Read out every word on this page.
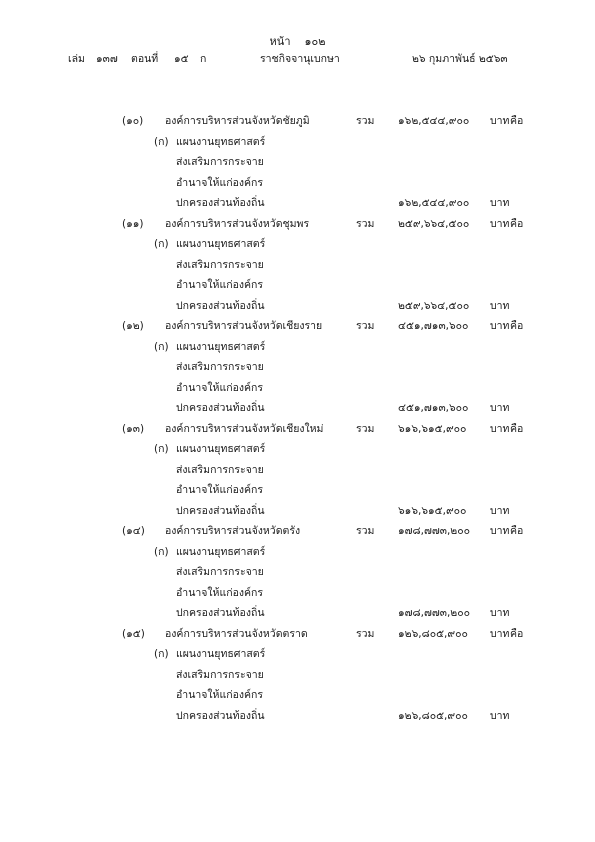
หน้า ๑๐๒
เล่ม ๑๓๗ ตอนที่ ๑๕ ก	ราชกิจจานุเบกษา	๒๖ กุมภาพันธ์ ๒๕๖๓
(๑๐) องค์การบริหารส่วนจังหวัดชัยภูมิ	รวม ๑๖๒,๕๔๔,๙๐๐ บาท คือ
(ก) แผนงานยุทธศาสตร์
ส่งเสริมการกระจาย
อำนาจให้แก่องค์กร
ปกครองส่วนท้องถิ่น	๑๖๒,๕๔๔,๙๐๐ บาท
(๑๑) องค์การบริหารส่วนจังหวัดชุมพร	รวม ๒๕๙,๖๖๔,๕๐๐ บาท คือ
(ก) แผนงานยุทธศาสตร์
ส่งเสริมการกระจาย
อำนาจให้แก่องค์กร
ปกครองส่วนท้องถิ่น	๒๕๙,๖๖๔,๕๐๐ บาท
(๑๒) องค์การบริหารส่วนจังหวัดเชียงราย	รวม ๔๕๑,๗๑๓,๖๐๐ บาท คือ
(ก) แผนงานยุทธศาสตร์
ส่งเสริมการกระจาย
อำนาจให้แก่องค์กร
ปกครองส่วนท้องถิ่น	๔๕๑,๗๑๓,๖๐๐ บาท
(๑๓) องค์การบริหารส่วนจังหวัดเชียงใหม่	รวม ๖๑๖,๖๑๕,๙๐๐ บาท คือ
(ก) แผนงานยุทธศาสตร์
ส่งเสริมการกระจาย
อำนาจให้แก่องค์กร
ปกครองส่วนท้องถิ่น	๖๑๖,๖๑๕,๙๐๐ บาท
(๑๔) องค์การบริหารส่วนจังหวัดตรัง	รวม ๑๗๘,๗๗๓,๒๐๐ บาท คือ
(ก) แผนงานยุทธศาสตร์
ส่งเสริมการกระจาย
อำนาจให้แก่องค์กร
ปกครองส่วนท้องถิ่น	๑๗๘,๗๗๓,๒๐๐ บาท
(๑๕) องค์การบริหารส่วนจังหวัดตราด	รวม ๑๒๖,๘๐๕,๙๐๐ บาท คือ
(ก) แผนงานยุทธศาสตร์
ส่งเสริมการกระจาย
อำนาจให้แก่องค์กร
ปกครองส่วนท้องถิ่น	๑๒๖,๘๐๕,๙๐๐ บาท
